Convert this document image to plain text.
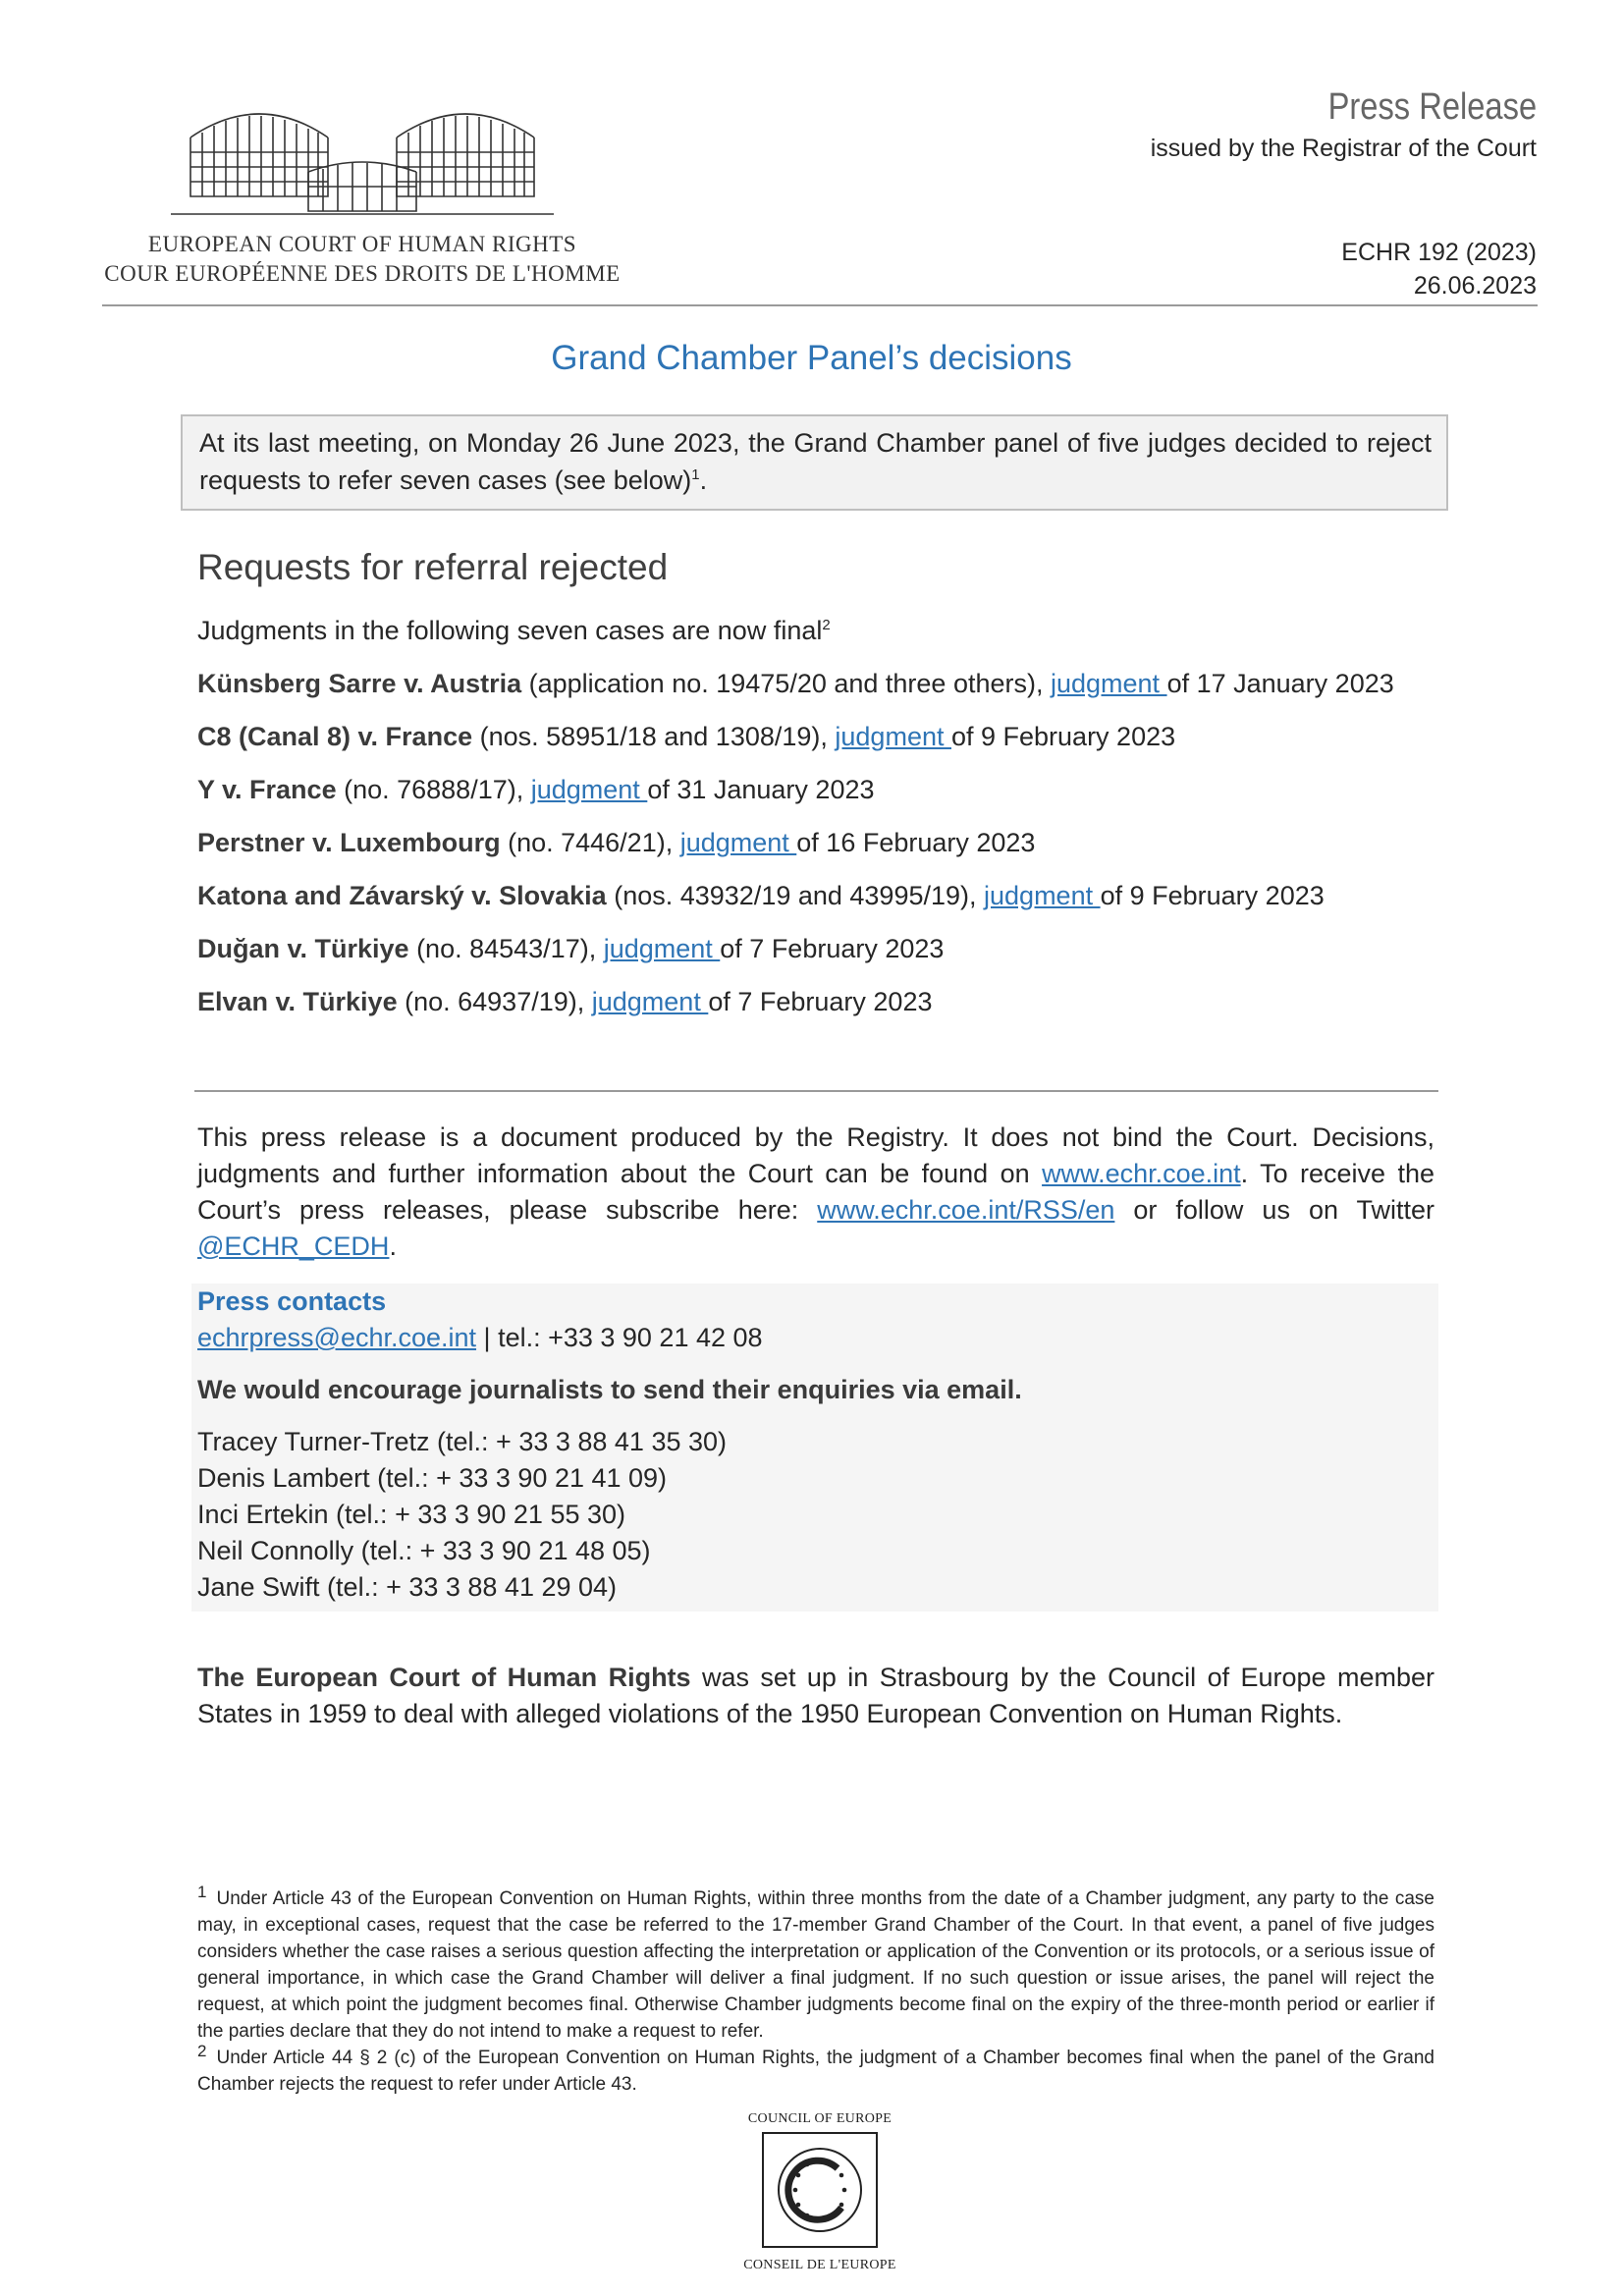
EUROPEAN COURT OF HUMAN RIGHTS
COUR EUROPÉENNE DES DROITS DE L'HOMME
Press Release
issued by the Registrar of the Court
ECHR 192 (2023)
26.06.2023
Grand Chamber Panel’s decisions
At its last meeting, on Monday 26 June 2023, the Grand Chamber panel of five judges decided to reject requests to refer seven cases (see below)$^1$.
Requests for referral rejected

Judgments in the following seven cases are now final$^2$

Künsberg Sarre v. Austria (application no. 19475/20 and three others), judgment of 17 January 2023

C8 (Canal 8) v. France (nos. 58951/18 and 1308/19), judgment of 9 February 2023

Y v. France (no. 76888/17), judgment of 31 January 2023

Perstner v. Luxembourg (no. 7446/21), judgment of 16 February 2023

Katona and Závarský v. Slovakia (nos. 43932/19 and 43995/19), judgment of 9 February 2023

Duğan v. Türkiye (no. 84543/17), judgment of 7 February 2023

Elvan v. Türkiye (no. 64937/19), judgment of 7 February 2023

This press release is a document produced by the Registry. It does not bind the Court. Decisions, judgments and further information about the Court can be found on www.echr.coe.int. To receive the Court’s press releases, please subscribe here: www.echr.coe.int/RSS/en or follow us on Twitter @ECHR_CEDH.

Press contacts

echrpress@echr.coe.int | tel.: +33 3 90 21 42 08

We would encourage journalists to send their enquiries via email.

Tracey Turner-Tretz (tel.: + 33 3 88 41 35 30)

Denis Lambert (tel.: + 33 3 90 21 41 09)

Inci Ertekin (tel.: + 33 3 90 21 55 30)

Neil Connolly (tel.: + 33 3 90 21 48 05)

Jane Swift (tel.: + 33 3 88 41 29 04)

The European Court of Human Rights was set up in Strasbourg by the Council of Europe member States in 1959 to deal with alleged violations of the 1950 European Convention on Human Rights.

1 Under Article 43 of the European Convention on Human Rights, within three months from the date of a Chamber judgment, any party to the case may, in exceptional cases, request that the case be referred to the 17-member Grand Chamber of the Court. In that event, a panel of five judges considers whether the case raises a serious question affecting the interpretation or application of the Convention or its protocols, or a serious issue of general importance, in which case the Grand Chamber will deliver a final judgment. If no such question or issue arises, the panel will reject the request, at which point the judgment becomes final. Otherwise Chamber judgments become final on the expiry of the three-month period or earlier if the parties declare that they do not intend to make a request to refer.

2 Under Article 44 § 2 (c) of the European Convention on Human Rights, the judgment of a Chamber becomes final when the panel of the Grand Chamber rejects the request to refer under Article 43.

COUNCIL OF EUROPE
CONSEIL DE L'EUROPE
